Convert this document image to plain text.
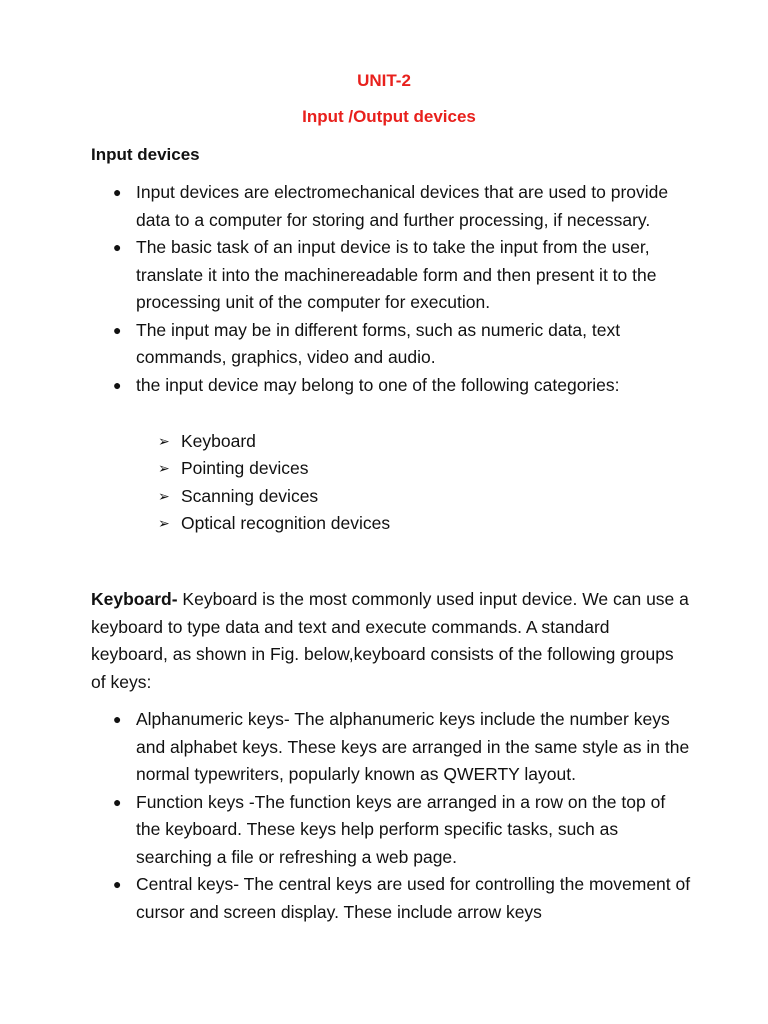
UNIT-2
Input /Output devices
Input devices
● Input devices are electromechanical devices that are used to provide data to a computer for storing and further processing, if necessary.
● The basic task of an input device is to take the input from the user, translate it into the machinereadable form and then present it to the processing unit of the computer for execution.
● The input may be in different forms, such as numeric data, text commands, graphics, video and audio.
● the input device may belong to one of the following categories:
➢ Keyboard
➢ Pointing devices
➢ Scanning devices
➢ Optical recognition devices

Keyboard- Keyboard is the most commonly used input device. We can use a keyboard to type data and text and execute commands. A standard keyboard, as shown in Fig. below,keyboard consists of the following groups of keys:

● Alphanumeric keys- The alphanumeric keys include the number keys and alphabet keys. These keys are arranged in the same style as in the normal typewriters, popularly known as QWERTY layout.
● Function keys -The function keys are arranged in a row on the top of the keyboard. These keys help perform specific tasks, such as searching a file or refreshing a web page.
● Central keys- The central keys are used for controlling the movement of cursor and screen display. These include arrow keys
